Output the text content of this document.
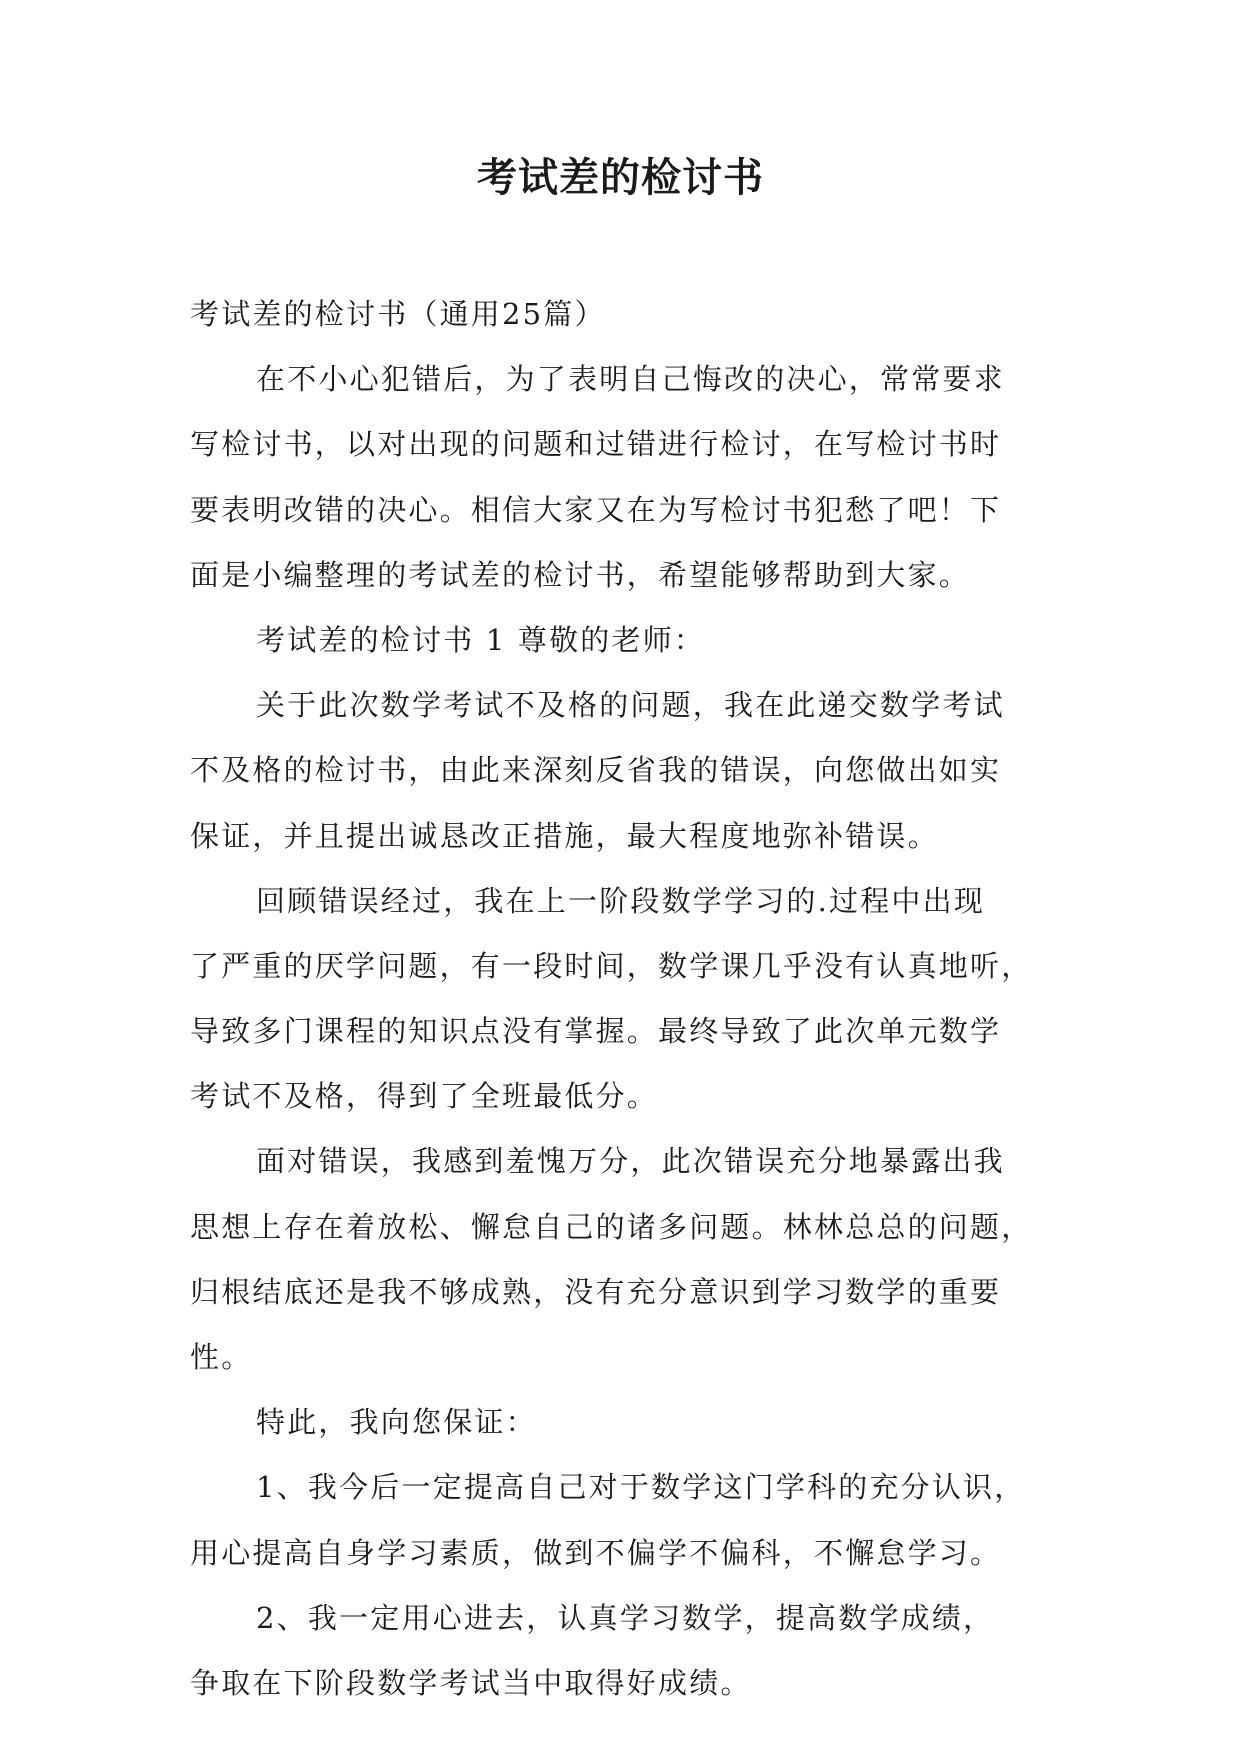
考试差的检讨书
考试差的检讨书（通用25篇）
在不小心犯错后，为了表明自己悔改的决心，常常要求
写检讨书，以对出现的问题和过错进行检讨，在写检讨书时
要表明改错的决心。相信大家又在为写检讨书犯愁了吧！下
面是小编整理的考试差的检讨书，希望能够帮助到大家。
考试差的检讨书 1 尊敬的老师：
关于此次数学考试不及格的问题，我在此递交数学考试
不及格的检讨书，由此来深刻反省我的错误，向您做出如实
保证，并且提出诚恳改正措施，最大程度地弥补错误。
回顾错误经过，我在上一阶段数学学习的.过程中出现
了严重的厌学问题，有一段时间，数学课几乎没有认真地听，
导致多门课程的知识点没有掌握。最终导致了此次单元数学
考试不及格，得到了全班最低分。
面对错误，我感到羞愧万分，此次错误充分地暴露出我
思想上存在着放松、懈怠自己的诸多问题。林林总总的问题，
归根结底还是我不够成熟，没有充分意识到学习数学的重要
性。
特此，我向您保证：
1、我今后一定提高自己对于数学这门学科的充分认识，
用心提高自身学习素质，做到不偏学不偏科，不懈怠学习。
2、我一定用心进去，认真学习数学，提高数学成绩，
争取在下阶段数学考试当中取得好成绩。
